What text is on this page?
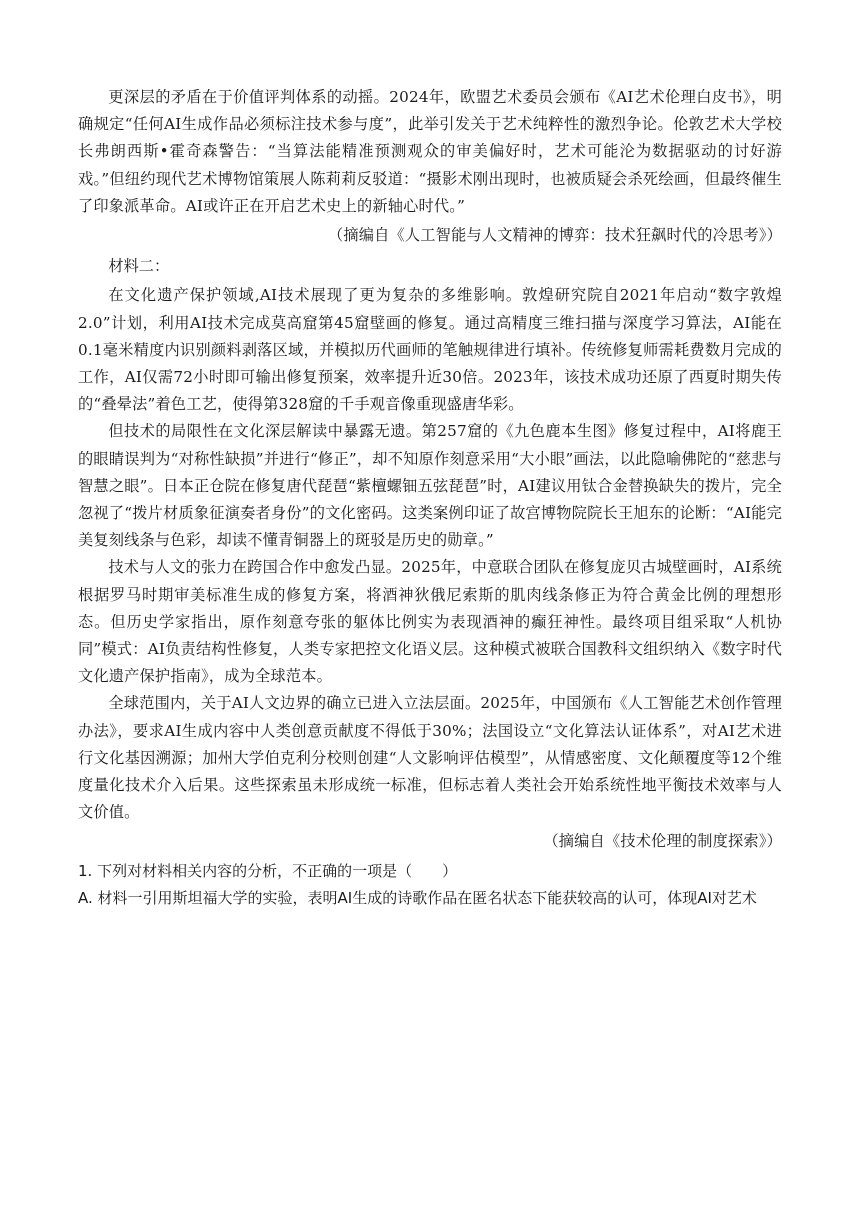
更深层的矛盾在于价值评判体系的动摇。2024年，欧盟艺术委员会颁布《AI艺术伦理白皮书》，明确规定“任何AI生成作品必须标注技术参与度”，此举引发关于艺术纯粹性的激烈争论。伦敦艺术大学校长弗朗西斯•霍奇森警告：“当算法能精准预测观众的审美偏好时，艺术可能沦为数据驱动的讨好游戏。”但纽约现代艺术博物馆策展人陈莉莉反驳道：“摄影术刚出现时，也被质疑会杀死绘画，但最终催生了印象派革命。AI或许正在开启艺术史上的新轴心时代。”

（摘编自《人工智能与人文精神的博弈：技术狂飙时代的冷思考》）

材料二：

在文化遗产保护领域,AI技术展现了更为复杂的多维影响。敦煌研究院自2021年启动“数字敦煌2.0”计划，利用AI技术完成莫高窟第45窟壁画的修复。通过高精度三维扫描与深度学习算法，AI能在0.1毫米精度内识别颜料剥落区域，并模拟历代画师的笔触规律进行填补。传统修复师需耗费数月完成的工作，AI仅需72小时即可输出修复预案，效率提升近30倍。2023年，该技术成功还原了西夏时期失传的“叠晕法”着色工艺，使得第328窟的千手观音像重现盛唐华彩。

但技术的局限性在文化深层解读中暴露无遗。第257窟的《九色鹿本生图》修复过程中，AI将鹿王的眼睛误判为“对称性缺损”并进行“修正”，却不知原作刻意采用“大小眼”画法，以此隐喻佛陀的“慈悲与智慧之眼”。日本正仓院在修复唐代琵琶“紫檀螺钿五弦琵琶”时，AI建议用钛合金替换缺失的拨片，完全忽视了“拨片材质象征演奏者身份”的文化密码。这类案例印证了故宫博物院院长王旭东的论断：“AI能完美复刻线条与色彩，却读不懂青铜器上的斑驳是历史的勋章。”

技术与人文的张力在跨国合作中愈发凸显。2025年，中意联合团队在修复庞贝古城壁画时，AI系统根据罗马时期审美标准生成的修复方案，将酒神狄俄尼索斯的肌肉线条修正为符合黄金比例的理想形态。但历史学家指出，原作刻意夸张的躯体比例实为表现酒神的癫狂神性。最终项目组采取“人机协同”模式：AI负责结构性修复，人类专家把控文化语义层。这种模式被联合国教科文组织纳入《数字时代文化遗产保护指南》，成为全球范本。

全球范围内，关于AI人文边界的确立已进入立法层面。2025年，中国颁布《人工智能艺术创作管理办法》，要求AI生成内容中人类创意贡献度不得低于30%；法国设立“文化算法认证体系”，对AI艺术进行文化基因溯源；加州大学伯克利分校则创建“人文影响评估模型”，从情感密度、文化颠覆度等12个维度量化技术介入后果。这些探索虽未形成统一标准，但标志着人类社会开始系统性地平衡技术效率与人文价值。

（摘编自《技术伦理的制度探索》）

1. 下列对材料相关内容的分析，不正确的一项是（　　）

A. 材料一引用斯坦福大学的实验，表明AI生成的诗歌作品在匿名状态下能获较高的认可，体现AI对艺术
